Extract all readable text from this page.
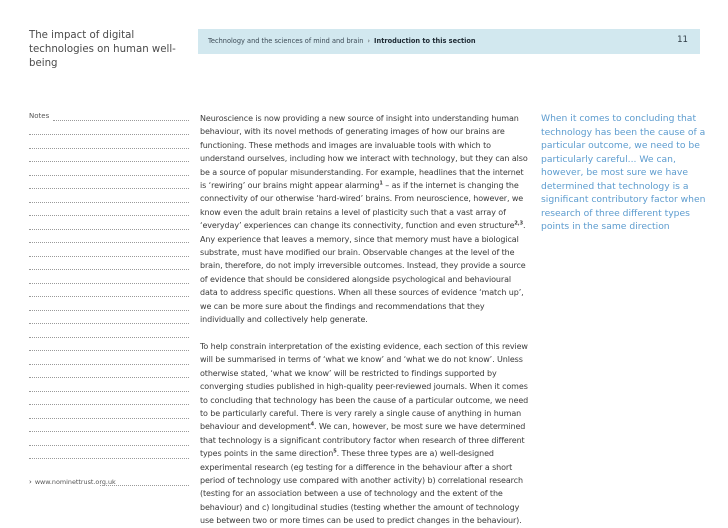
The impact of digital technologies on human well-being
Technology and the sciences of mind and brain › Introduction to this section	11
Notes
› www.nominettrust.org.uk

Neuroscience is now providing a new source of insight into understanding human behaviour, with its novel methods of generating images of how our brains are functioning. These methods and images are invaluable tools with which to understand ourselves, including how we interact with technology, but they can also be a source of popular misunderstanding. For example, headlines that the internet is ‘rewiring’ our brains might appear alarming$^1$ – as if the internet is changing the connectivity of our otherwise ‘hard-wired’ brains. From neuroscience, however, we know even the adult brain retains a level of plasticity such that a vast array of ‘everyday’ experiences can change its connectivity, function and even structure$^{2,3}$. Any experience that leaves a memory, since that memory must have a biological substrate, must have modified our brain. Observable changes at the level of the brain, therefore, do not imply irreversible outcomes. Instead, they provide a source of evidence that should be considered alongside psychological and behavioural data to address specific questions. When all these sources of evidence ‘match up’, we can be more sure about the findings and recommendations that they individually and collectively help generate.

To help constrain interpretation of the existing evidence, each section of this review will be summarised in terms of ‘what we know’ and ‘what we do not know’. Unless otherwise stated, ‘what we know’ will be restricted to findings supported by converging studies published in high-quality peer-reviewed journals. When it comes to concluding that technology has been the cause of a particular outcome, we need to be particularly careful. There is very rarely a single cause of anything in human behaviour and development$^4$. We can, however, be most sure we have determined that technology is a significant contributory factor when research of three different types points in the same direction$^5$. These three types are a) well-designed experimental research (eg testing for a difference in the behaviour after a short period of technology use compared with another activity) b) correlational research (testing for an association between a use of technology and the extent of the behaviour) and c) longitudinal studies (testing whether the amount of technology use between two or more times can be used to predict changes in the behaviour).

When it comes to concluding that technology has been the cause of a particular outcome, we need to be particularly careful... We can, however, be most sure we have determined that technology is a significant contributory factor when research of three different types points in the same direction
